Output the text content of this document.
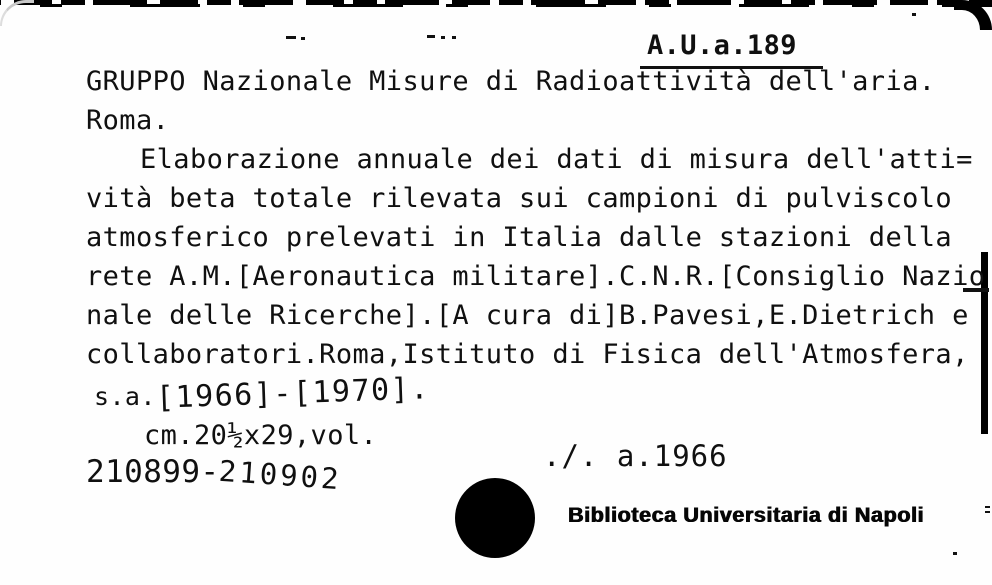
A.U.a.189
GRUPPO Nazionale Misure di Radioattività dell'aria.
Roma.
Elaborazione annuale dei dati di misura dell'atti=
vità beta totale rilevata sui campioni di pulviscolo
atmosferico prelevati in Italia dalle stazioni della
rete A.M.[Aeronautica militare].C.N.R.[Consiglio Nazio
nale delle Ricerche].[A cura di]B.Pavesi,E.Dietrich e
collaboratori.Roma,Istituto di Fisica dell'Atmosfera,
s.a.[1966]-[1970].
cm.20½x29,vol.
210899-210902	./. a.1966
Biblioteca Universitaria di Napoli
